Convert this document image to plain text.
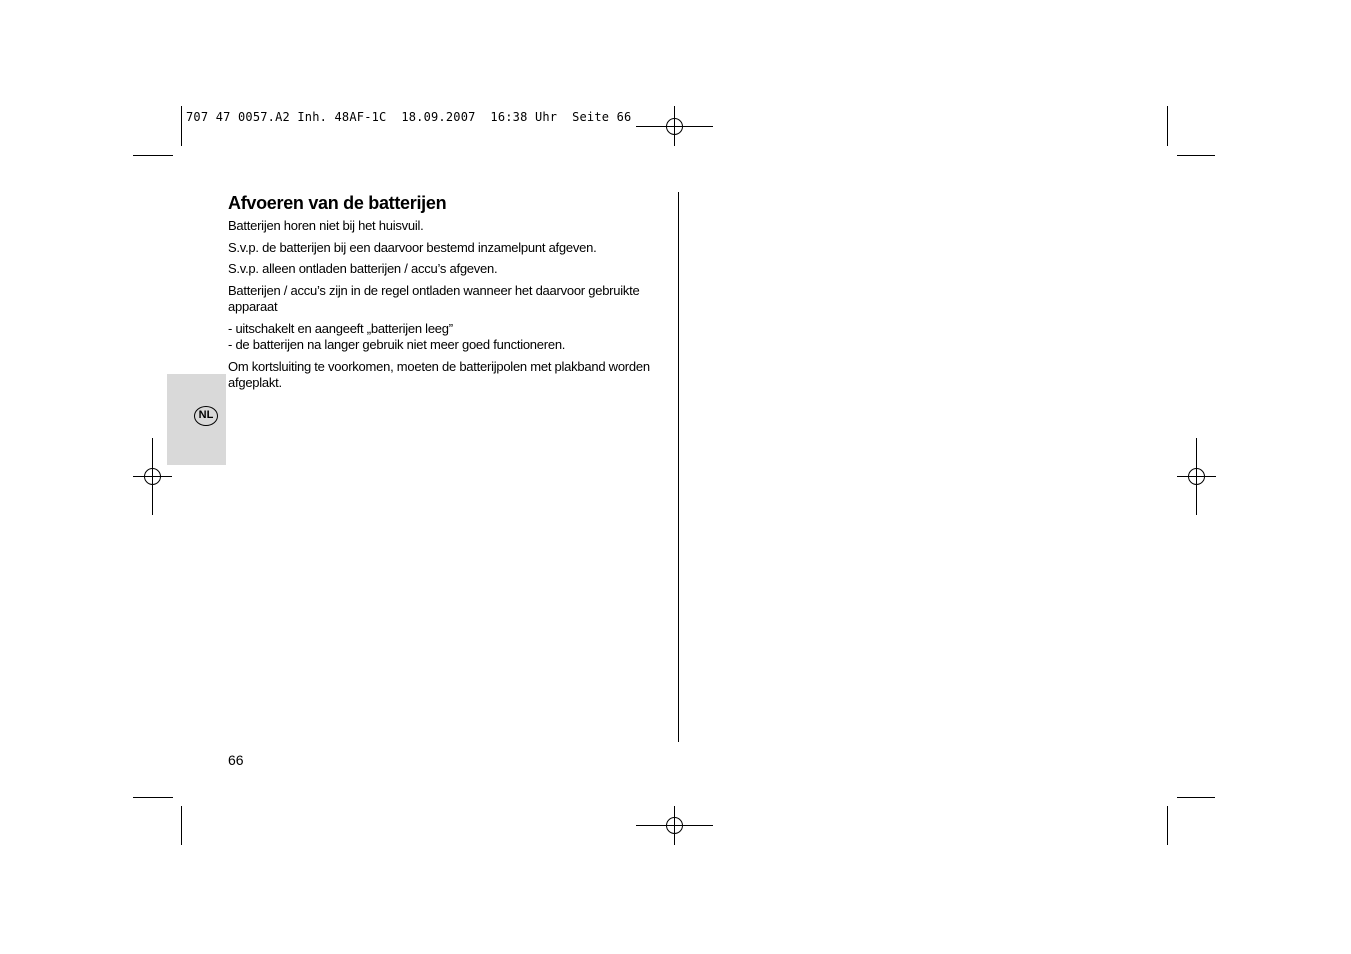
707 47 0057.A2 Inh. 48AF-1C  18.09.2007  16:38 Uhr  Seite 66
NL
Afvoeren van de batterijen

Batterijen horen niet bij het huisvuil.

S.v.p. de batterijen bij een daarvoor bestemd inzamelpunt afgeven.

S.v.p. alleen ontladen batterijen / accu’s afgeven.

Batterijen / accu’s zijn in de regel ontladen wanneer het daarvoor gebruikte apparaat

- uitschakelt en aangeeft „batterijen leeg”

- de batterijen na langer gebruik niet meer goed functioneren.

Om kortsluiting te voorkomen, moeten de batterijpolen met plakband worden afgeplakt.

66
